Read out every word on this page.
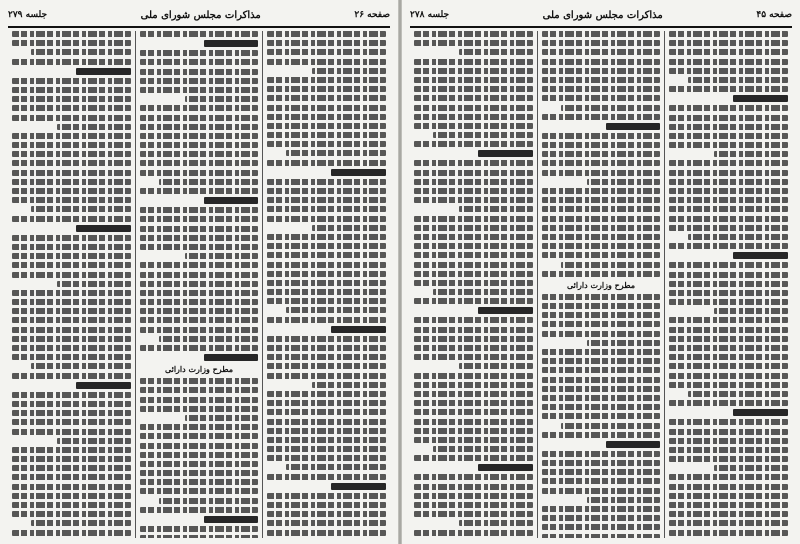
صفحه ۲۶
مذاکرات مجلس شورای ملی
جلسه ۲۷۹
مطرح وزارت دارائی
صفحه ۴۵
مذاکرات مجلس شورای ملی
جلسه ۲۷۸
مطرح وزارت دارائی
